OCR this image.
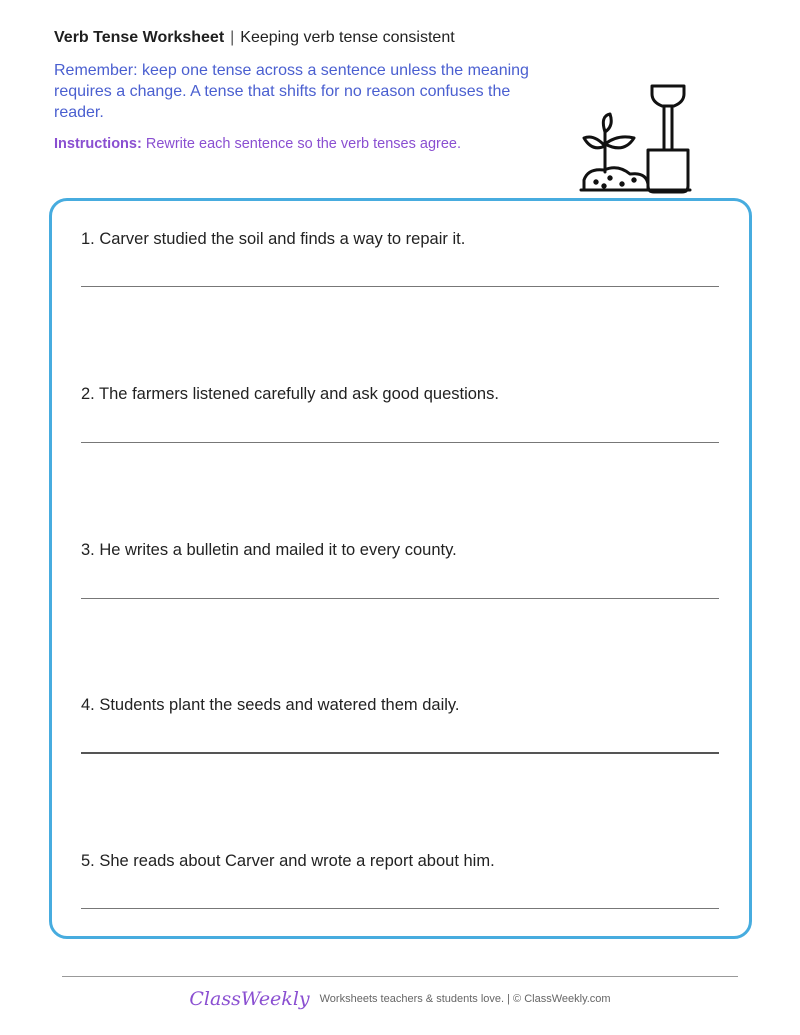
Verb Tense Worksheet | Keeping verb tense consistent

Remember: keep one tense across a sentence unless the meaning requires a change. A tense that shifts for no reason confuses the reader.

Instructions: Rewrite each sentence so the verb tenses agree.

1. Carver studied the soil and finds a way to repair it.

2. The farmers listened carefully and ask good questions.

3. He writes a bulletin and mailed it to every county.

4. Students plant the seeds and watered them daily.

5. She reads about Carver and wrote a report about him.

ClassWeekly Worksheets teachers & students love. | © ClassWeekly.com
